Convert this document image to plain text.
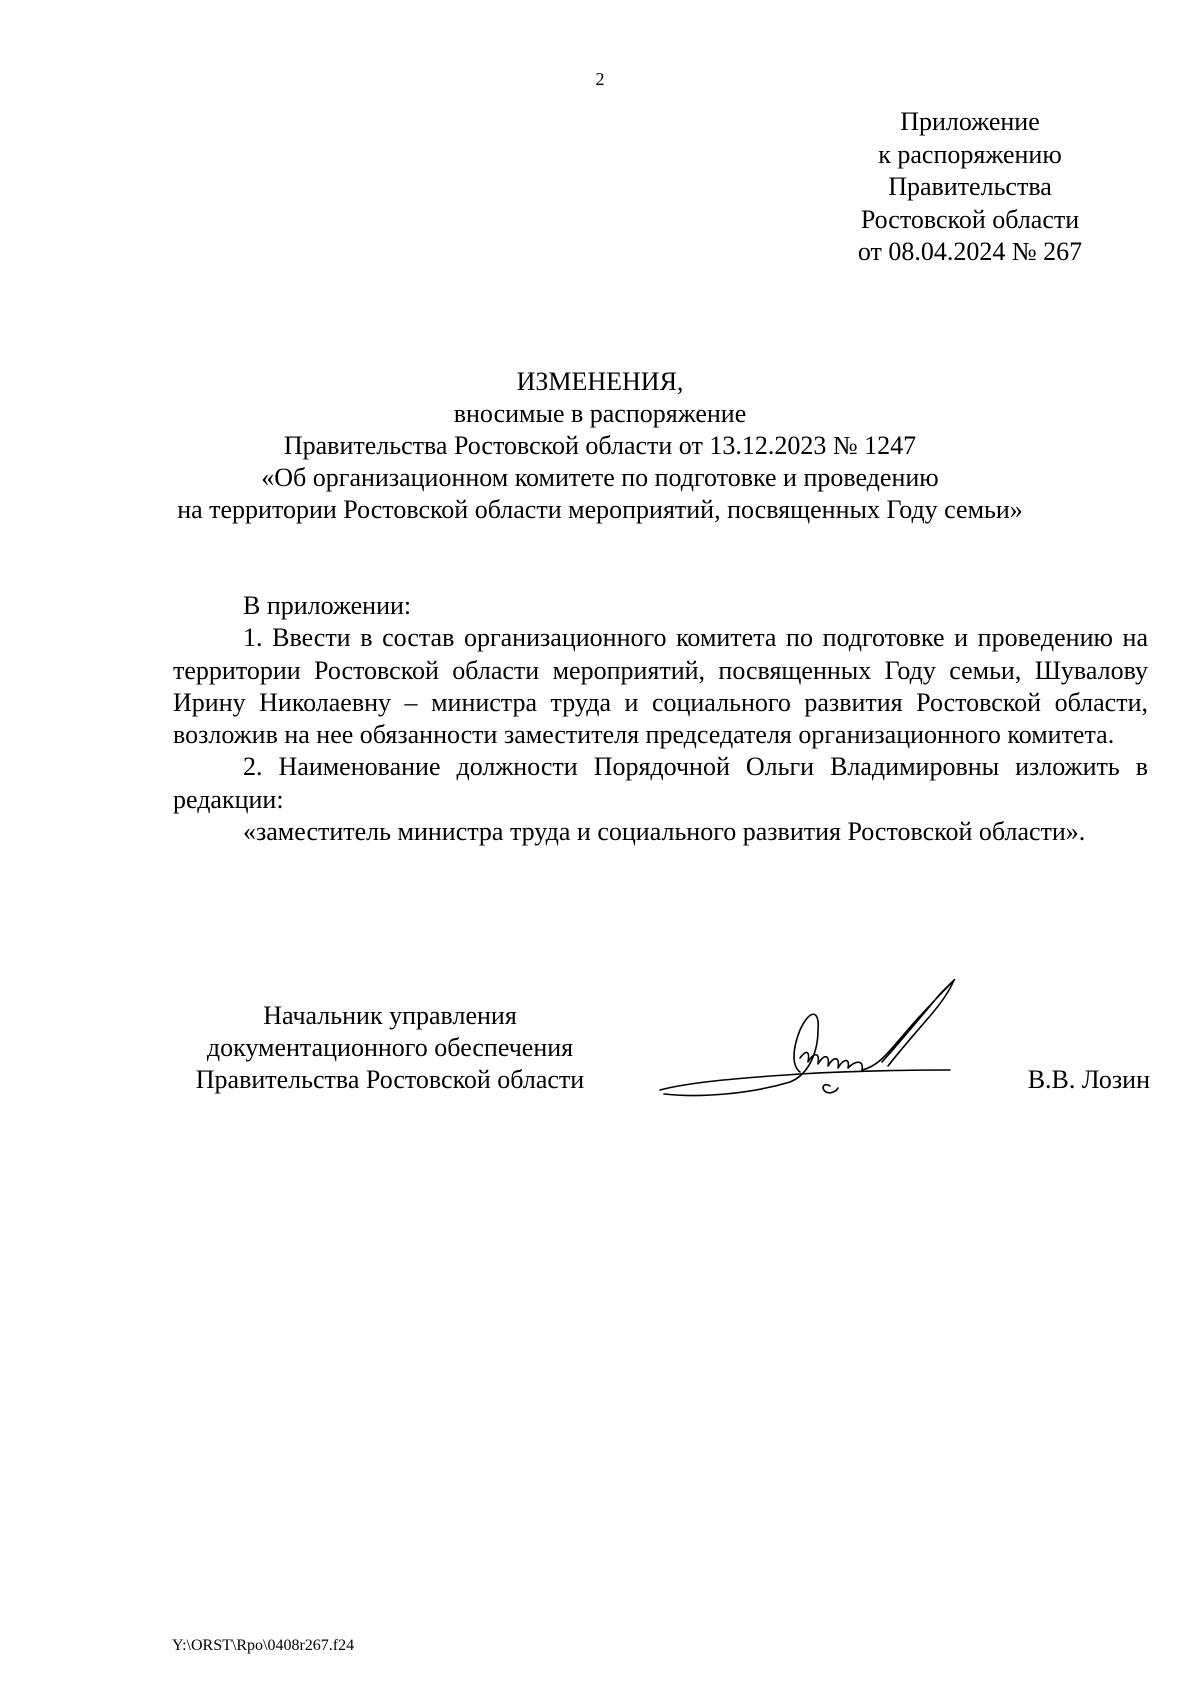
2
Приложение
к распоряжению
Правительства
Ростовской области
от 08.04.2024 № 267
ИЗМЕНЕНИЯ,
вносимые в распоряжение
Правительства Ростовской области от 13.12.2023 № 1247
«Об организационном комитете по подготовке и проведению
на территории Ростовской области мероприятий, посвященных Году семьи»

В приложении:

1. Ввести в состав организационного комитета по подготовке и проведению на территории Ростовской области мероприятий, посвященных Году семьи, Шувалову Ирину Николаевну – министра труда и социального развития Ростовской области, возложив на нее обязанности заместителя председателя организационного комитета.

2. Наименование должности Порядочной Ольги Владимировны изложить в редакции:

«заместитель министра труда и социального развития Ростовской области».

Начальник управления
документационного обеспечения
Правительства Ростовской области	В.В. Лозин
Y:\ORST\Rpo\0408r267.f24
